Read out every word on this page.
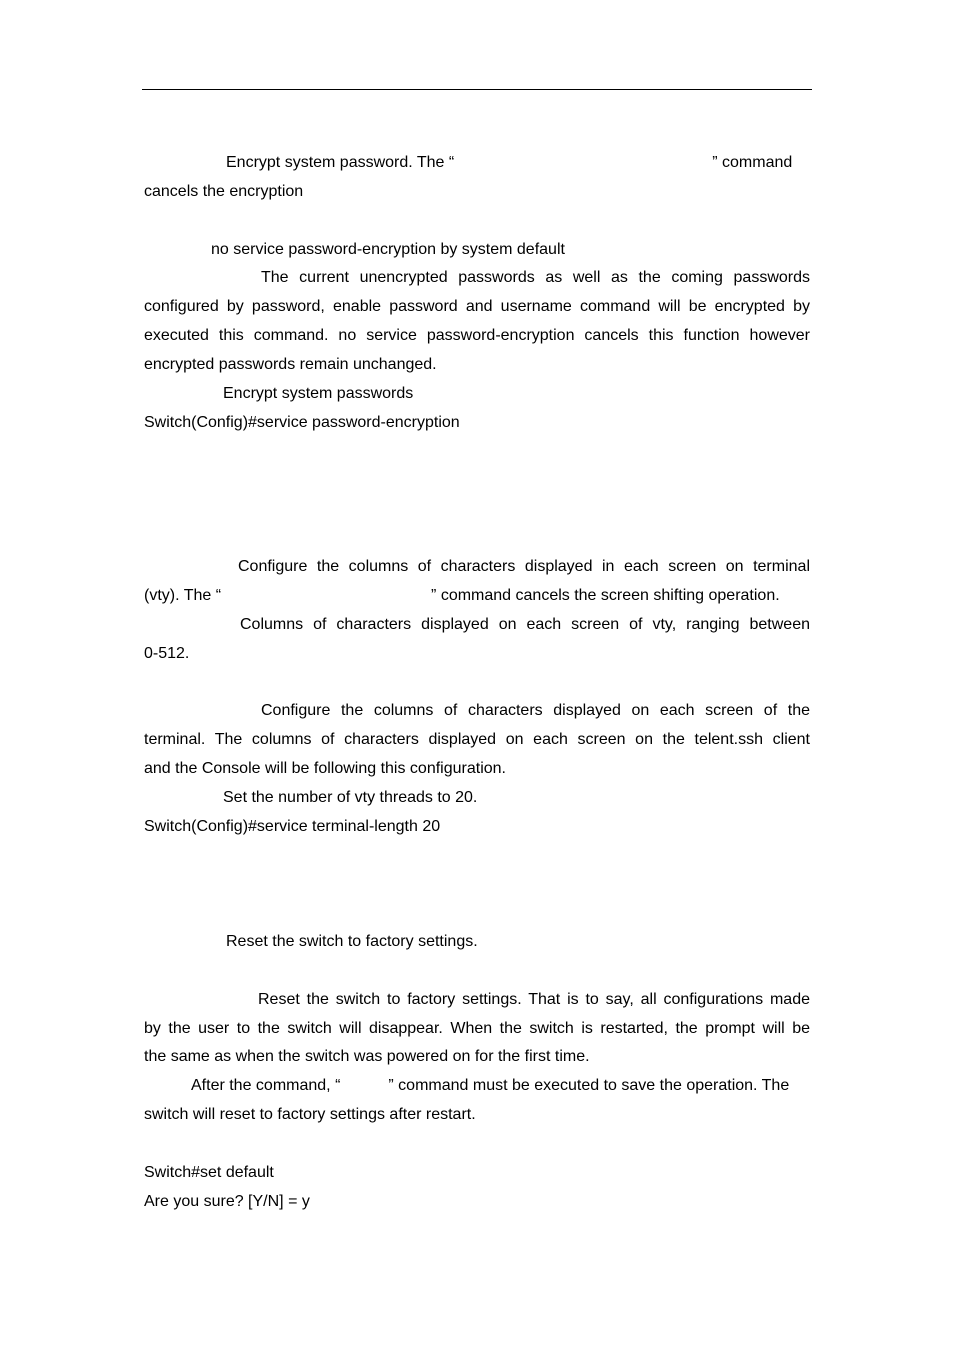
Encrypt system password. The “	” command
cancels the encryption
no service password-encryption by system default
The current unencrypted passwords as well as the coming passwords
configured by password, enable password and username command will be encrypted by
executed this command. no service password-encryption cancels this function however
encrypted passwords remain unchanged.
Encrypt system passwords
Switch(Config)#service password-encryption
Configure the columns of characters displayed in each screen on terminal
(vty). The “	” command cancels the screen shifting operation.
Columns of characters displayed on each screen of vty, ranging between
0-512.
Configure the columns of characters displayed on each screen of the
terminal. The columns of characters displayed on each screen on the telent.ssh client
and the Console will be following this configuration.
Set the number of vty threads to 20.
Switch(Config)#service terminal-length 20
Reset the switch to factory settings.
Reset the switch to factory settings. That is to say, all configurations made
by the user to the switch will disappear. When the switch is restarted, the prompt will be
the same as when the switch was powered on for the first time.
After the command, “	” command must be executed to save the operation. The
switch will reset to factory settings after restart.
Switch#set default
Are you sure? [Y/N] = y
